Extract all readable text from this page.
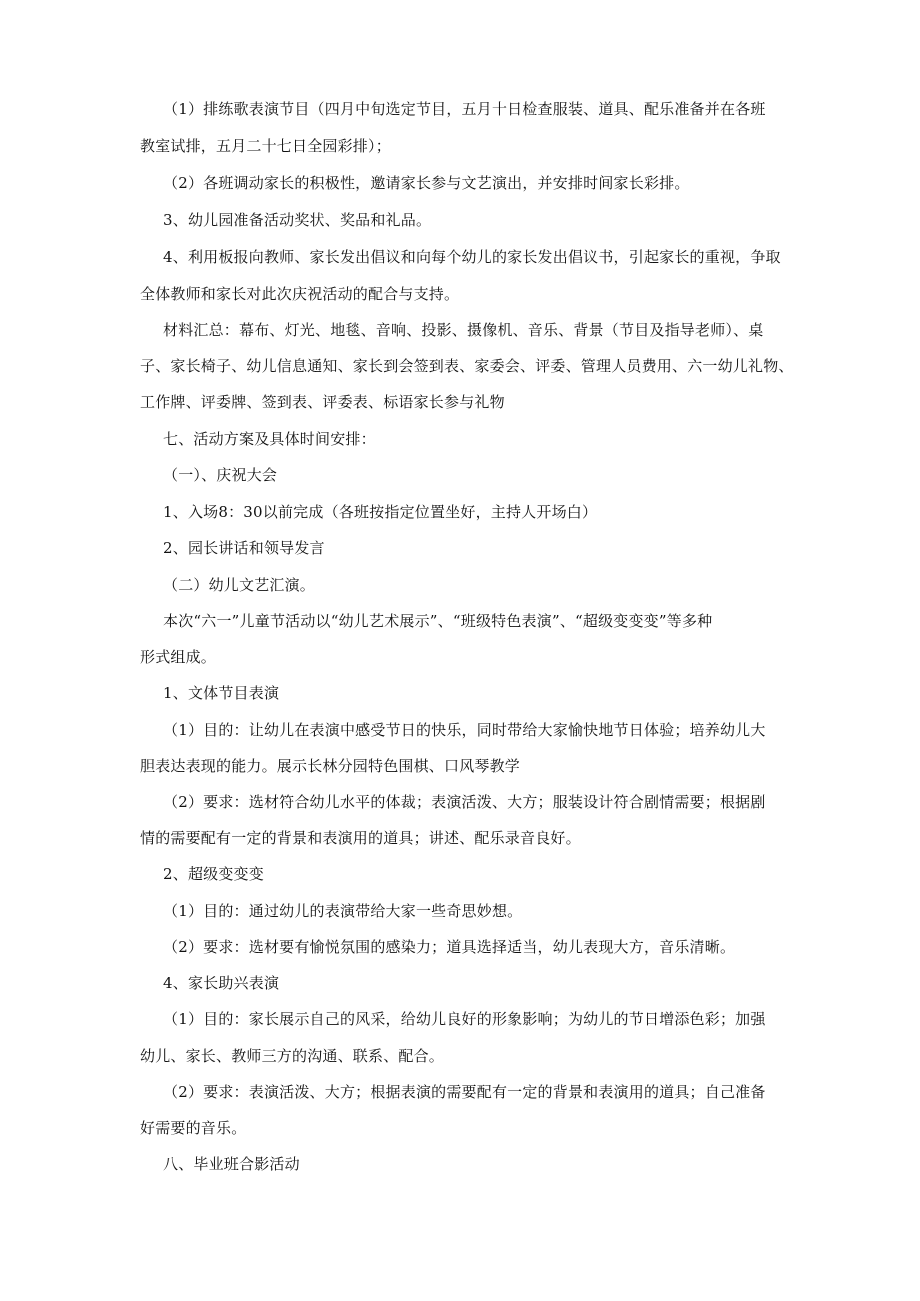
（1）排练歌表演节目（四月中旬选定节目，五月十日检查服装、道具、配乐准备并在各班
教室试排，五月二十七日全园彩排）；
（2）各班调动家长的积极性，邀请家长参与文艺演出，并安排时间家长彩排。
3、幼儿园准备活动奖状、奖品和礼品。
4、利用板报向教师、家长发出倡议和向每个幼儿的家长发出倡议书，引起家长的重视，争取
全体教师和家长对此次庆祝活动的配合与支持。
材料汇总：幕布、灯光、地毯、音响、投影、摄像机、音乐、背景（节目及指导老师）、桌
子、家长椅子、幼儿信息通知、家长到会签到表、家委会、评委、管理人员费用、六一幼儿礼物、
工作牌、评委牌、签到表、评委表、标语家长参与礼物
七、活动方案及具体时间安排：
（一）、庆祝大会
1、入场8：30以前完成（各班按指定位置坐好，主持人开场白）
2、园长讲话和领导发言
（二）幼儿文艺汇演。
本次“六一”儿童节活动以“幼儿艺术展示”、“班级特色表演”、“超级变变变”等多种
形式组成。
1、文体节目表演
（1）目的：让幼儿在表演中感受节日的快乐，同时带给大家愉快地节日体验；培养幼儿大
胆表达表现的能力。展示长林分园特色围棋、口风琴教学
（2）要求：选材符合幼儿水平的体裁；表演活泼、大方；服装设计符合剧情需要；根据剧
情的需要配有一定的背景和表演用的道具；讲述、配乐录音良好。
2、超级变变变
（1）目的：通过幼儿的表演带给大家一些奇思妙想。
（2）要求：选材要有愉悦氛围的感染力；道具选择适当，幼儿表现大方，音乐清晰。
4、家长助兴表演
（1）目的：家长展示自己的风采，给幼儿良好的形象影响；为幼儿的节日增添色彩；加强
幼儿、家长、教师三方的沟通、联系、配合。
（2）要求：表演活泼、大方；根据表演的需要配有一定的背景和表演用的道具；自己准备
好需要的音乐。
八、毕业班合影活动
